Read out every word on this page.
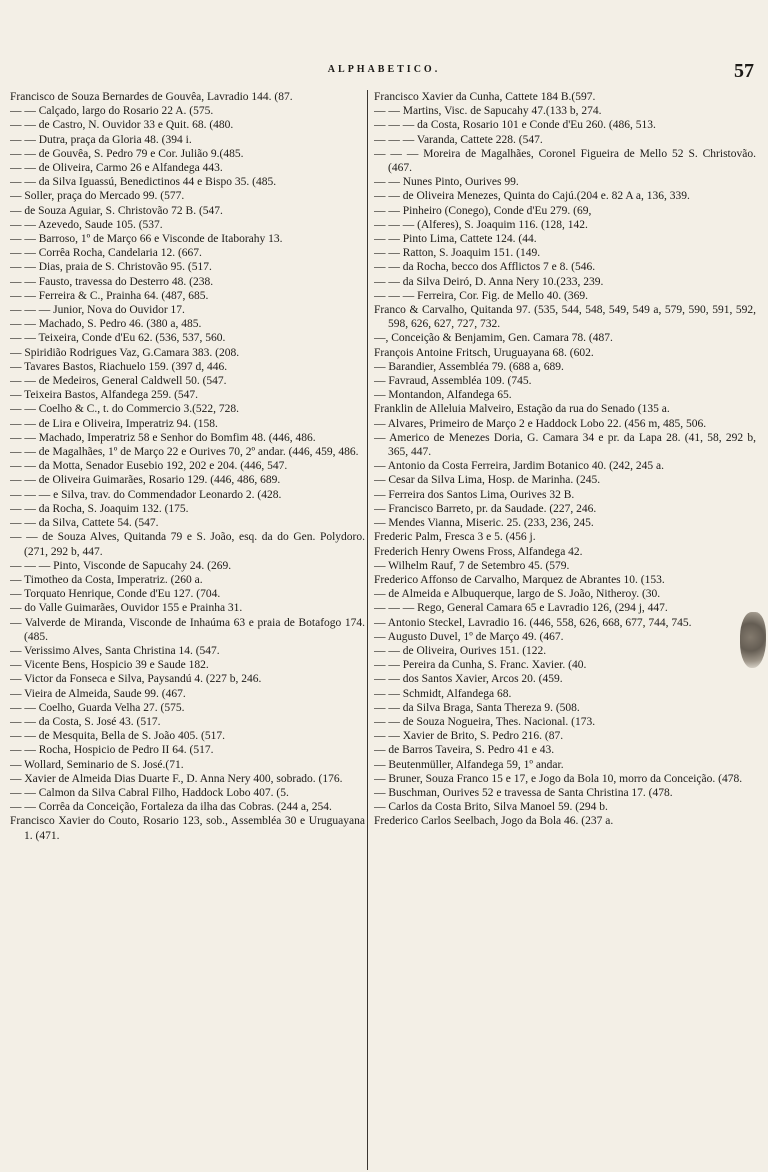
ALPHABETICO.	57

Francisco de Souza Bernardes de Gouvêa, Lavradio 144. (87.

— — Calçado, largo do Rosario 22 A. (575.

— — de Castro, N. Ouvidor 33 e Quit. 68. (480.

— — Dutra, praça da Gloria 48. (394 i.

— — de Gouvêa, S. Pedro 79 e Cor. Julião 9.(485.

— — de Oliveira, Carmo 26 e Alfandega 443.

— — da Silva Iguassú, Benedictinos 44 e Bispo 35. (485.

— Soller, praça do Mercado 99. (577.

— de Souza Aguiar, S. Christovão 72 B. (547.

— — Azevedo, Saude 105. (537.

— — Barroso, 1º de Março 66 e Visconde de Itaborahy 13.

— — Corrêa Rocha, Candelaria 12. (667.

— — Dias, praia de S. Christovão 95. (517.

— — Fausto, travessa do Desterro 48. (238.

— — Ferreira & C., Prainha 64. (487, 685.

— — — Junior, Nova do Ouvidor 17.

— — Machado, S. Pedro 46. (380 a, 485.

— — Teixeira, Conde d'Eu 62. (536, 537, 560.

— Spiridião Rodrigues Vaz, G.Camara 383. (208.

— Tavares Bastos, Riachuelo 159. (397 d, 446.

— — de Medeiros, General Caldwell 50. (547.

— Teixeira Bastos, Alfandega 259. (547.

— — Coelho & C., t. do Commercio 3.(522, 728.

— — de Lira e Oliveira, Imperatriz 94. (158.

— — Machado, Imperatriz 58 e Senhor do Bomfim 48. (446, 486.

— — de Magalhães, 1º de Março 22 e Ourives 70, 2º andar. (446, 459, 486.

— — da Motta, Senador Eusebio 192, 202 e 204. (446, 547.

— — de Oliveira Guimarães, Rosario 129. (446, 486, 689.

— — — e Silva, trav. do Commendador Leonardo 2. (428.

— — da Rocha, S. Joaquim 132. (175.

— — da Silva, Cattete 54. (547.

— — de Souza Alves, Quitanda 79 e S. João, esq. da do Gen. Polydoro. (271, 292 b, 447.

— — — Pinto, Visconde de Sapucahy 24. (269.

— Timotheo da Costa, Imperatriz. (260 a.

— Torquato Henrique, Conde d'Eu 127. (704.

— do Valle Guimarães, Ouvidor 155 e Prainha 31.

— Valverde de Miranda, Visconde de Inhaúma 63 e praia de Botafogo 174. (485.

— Verissimo Alves, Santa Christina 14. (547.

— Vicente Bens, Hospicio 39 e Saude 182.

— Victor da Fonseca e Silva, Paysandú 4. (227 b, 246.

— Vieira de Almeida, Saude 99. (467.

— — Coelho, Guarda Velha 27. (575.

— — da Costa, S. José 43. (517.

— — de Mesquita, Bella de S. João 405. (517.

— — Rocha, Hospicio de Pedro II 64. (517.

— Wollard, Seminario de S. José.(71.

— Xavier de Almeida Dias Duarte F., D. Anna Nery 400, sobrado. (176.

— — Calmon da Silva Cabral Filho, Haddock Lobo 407. (5.

— — Corrêa da Conceição, Fortaleza da ilha das Cobras. (244 a, 254.

Francisco Xavier do Couto, Rosario 123, sob., Assembléa 30 e Uruguayana 1. (471.

Francisco Xavier da Cunha, Cattete 184 B.(597.

— — Martins, Visc. de Sapucahy 47.(133 b, 274.

— — — da Costa, Rosario 101 e Conde d'Eu 260. (486, 513.

— — — Varanda, Cattete 228. (547.

— — — Moreira de Magalhães, Coronel Figueira de Mello 52 S. Christovão. (467.

— — Nunes Pinto, Ourives 99.

— — de Oliveira Menezes, Quinta do Cajú.(204 e. 82 A a, 136, 339.

— — Pinheiro (Conego), Conde d'Eu 279. (69,

— — — (Alferes), S. Joaquim 116. (128, 142.

— — Pinto Lima, Cattete 124. (44.

— — Ratton, S. Joaquim 151. (149.

— — da Rocha, becco dos Afflictos 7 e 8. (546.

— — da Silva Deiró, D. Anna Nery 10.(233, 239.

— — — Ferreira, Cor. Fig. de Mello 40. (369.

Franco & Carvalho, Quitanda 97. (535, 544, 548, 549, 549 a, 579, 590, 591, 592, 598, 626, 627, 727, 732.

—, Conceição & Benjamim, Gen. Camara 78. (487.

François Antoine Fritsch, Uruguayana 68. (602.

— Barandier, Assembléa 79. (688 a, 689.

— Favraud, Assembléa 109. (745.

— Montandon, Alfandega 65.

Franklin de Alleluia Malveiro, Estação da rua do Senado (135 a.

— Alvares, Primeiro de Março 2 e Haddock Lobo 22. (456 m, 485, 506.

— Americo de Menezes Doria, G. Camara 34 e pr. da Lapa 28. (41, 58, 292 b, 365, 447.

— Antonio da Costa Ferreira, Jardim Botanico 40. (242, 245 a.

— Cesar da Silva Lima, Hosp. de Marinha. (245.

— Ferreira dos Santos Lima, Ourives 32 B.

— Francisco Barreto, pr. da Saudade. (227, 246.

— Mendes Vianna, Miseric. 25. (233, 236, 245.

Frederic Palm, Fresca 3 e 5. (456 j.

Frederich Henry Owens Fross, Alfandega 42.

— Wilhelm Rauf, 7 de Setembro 45. (579.

Frederico Affonso de Carvalho, Marquez de Abrantes 10. (153.

— de Almeida e Albuquerque, largo de S. João, Nitheroy. (30.

— — — Rego, General Camara 65 e Lavradio 126, (294 j, 447.

— Antonio Steckel, Lavradio 16. (446, 558, 626, 668, 677, 744, 745.

— Augusto Duvel, 1º de Março 49. (467.

— — de Oliveira, Ourives 151. (122.

— — Pereira da Cunha, S. Franc. Xavier. (40.

— — dos Santos Xavier, Arcos 20. (459.

— — Schmidt, Alfandega 68.

— — da Silva Braga, Santa Thereza 9. (508.

— — de Souza Nogueira, Thes. Nacional. (173.

— — Xavier de Brito, S. Pedro 216. (87.

— de Barros Taveira, S. Pedro 41 e 43.

— Beutenmüller, Alfandega 59, 1º andar.

— Bruner, Souza Franco 15 e 17, e Jogo da Bola 10, morro da Conceição. (478.

— Buschman, Ourives 52 e travessa de Santa Christina 17. (478.

— Carlos da Costa Brito, Silva Manoel 59. (294 b.

Frederico Carlos Seelbach, Jogo da Bola 46. (237 a.
